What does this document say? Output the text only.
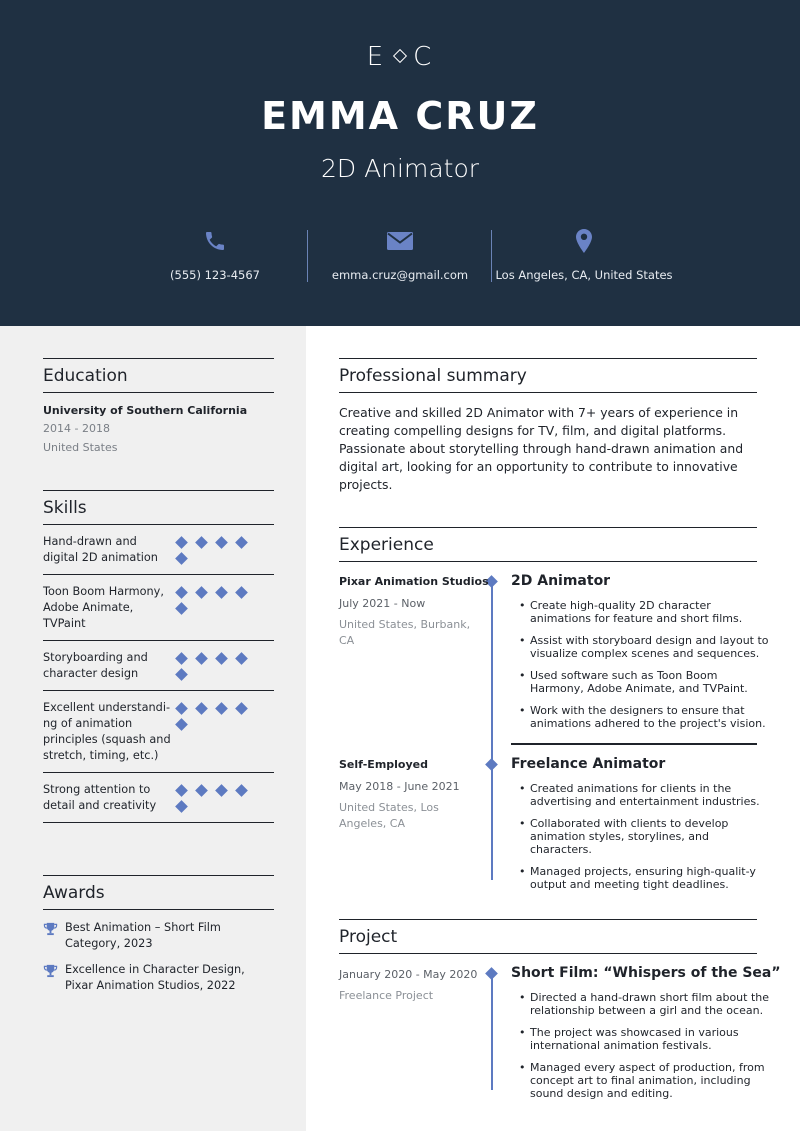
E C
EMMA CRUZ
2D Animator
(555) 123-4567	emma.cruz@gmail.com	Los Angeles, CA, United States
Education
University of Southern California
2014 - 2018
United States
Skills
Hand-drawn and digital 2D animation
Toon Boom Harmony, Adobe Animate, TVPaint
Storyboarding and character design
Excellent understandi-ng of animation principles (squash and stretch, timing, etc.)
Strong attention to detail and creativity
Awards
Best Animation – Short Film Category, 2023
Excellence in Character Design, Pixar Animation Studios, 2022
Professional summary
Creative and skilled 2D Animator with 7+ years of experience in creating compelling designs for TV, film, and digital platforms. Passionate about storytelling through hand-drawn animation and digital art, looking for an opportunity to contribute to innovative projects.
Experience
Pixar Animation Studios
July 2021 - Now
United States, Burbank, CA
2D Animator
• Create high-quality 2D character animations for feature and short films.
• Assist with storyboard design and layout to visualize complex scenes and sequences.
• Used software such as Toon Boom Harmony, Adobe Animate, and TVPaint.
• Work with the designers to ensure that animations adhered to the project's vision.
Self-Employed
May 2018 - June 2021
United States, Los Angeles, CA
Freelance Animator
• Created animations for clients in the advertising and entertainment industries.
• Collaborated with clients to develop animation styles, storylines, and characters.
• Managed projects, ensuring high-qualit-y output and meeting tight deadlines.
Project
January 2020 - May 2020
Freelance Project
Short Film: “Whispers of the Sea”
• Directed a hand-drawn short film about the relationship between a girl and the ocean.
• The project was showcased in various international animation festivals.
• Managed every aspect of production, from concept art to final animation, including sound design and editing.
